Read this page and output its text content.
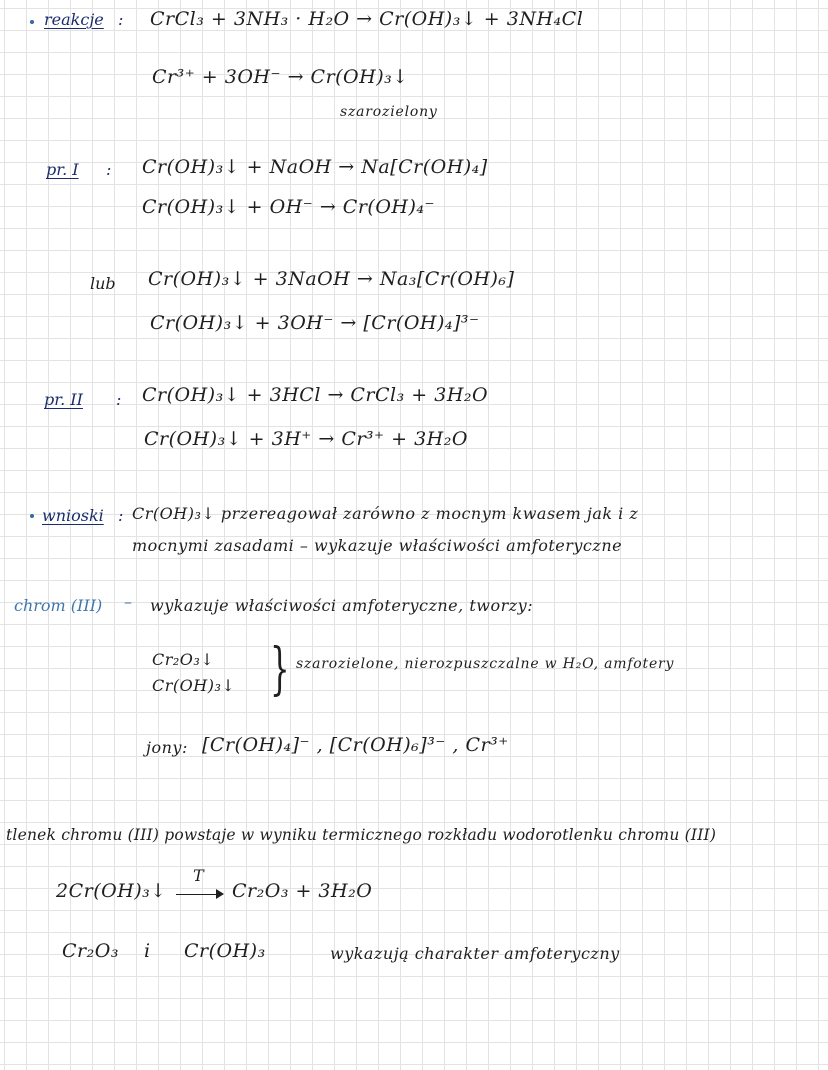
reakcje : CrCl₃ + 3NH₃ · H₂O → Cr(OH)₃↓ + 3NH₄Cl
Cr³⁺ + 3OH⁻ → Cr(OH)₃↓
szarozielony
pr. I : Cr(OH)₃↓ + NaOH → Na[Cr(OH)₄]
Cr(OH)₃↓ + OH⁻ → Cr(OH)₄⁻
lub Cr(OH)₃↓ + 3NaOH → Na₃[Cr(OH)₆]
Cr(OH)₃↓ + 3OH⁻ → [Cr(OH)₄]³⁻
pr. II : Cr(OH)₃↓ + 3HCl → CrCl₃ + 3H₂O
Cr(OH)₃↓ + 3H⁺ → Cr³⁺ + 3H₂O
wnioski : Cr(OH)₃↓ przereagował zarówno z mocnym kwasem jak i z
mocnymi zasadami – wykazuje właściwości amfoteryczne
chrom (III) – wykazuje właściwości amfoteryczne, tworzy:
Cr₂O₃↓
Cr(OH)₃↓ } szarozielone, nierozpuszczalne w H₂O, amfotery
jony: [Cr(OH)₄]⁻ , [Cr(OH)₆]³⁻ , Cr³⁺
tlenek chromu (III) powstaje w wyniku termicznego rozkładu wodorotlenku chromu (III)
2Cr(OH)₃↓
T
Cr₂O₃ + 3H₂O
Cr₂O₃ i Cr(OH)₃	wykazują charakter amfoteryczny
